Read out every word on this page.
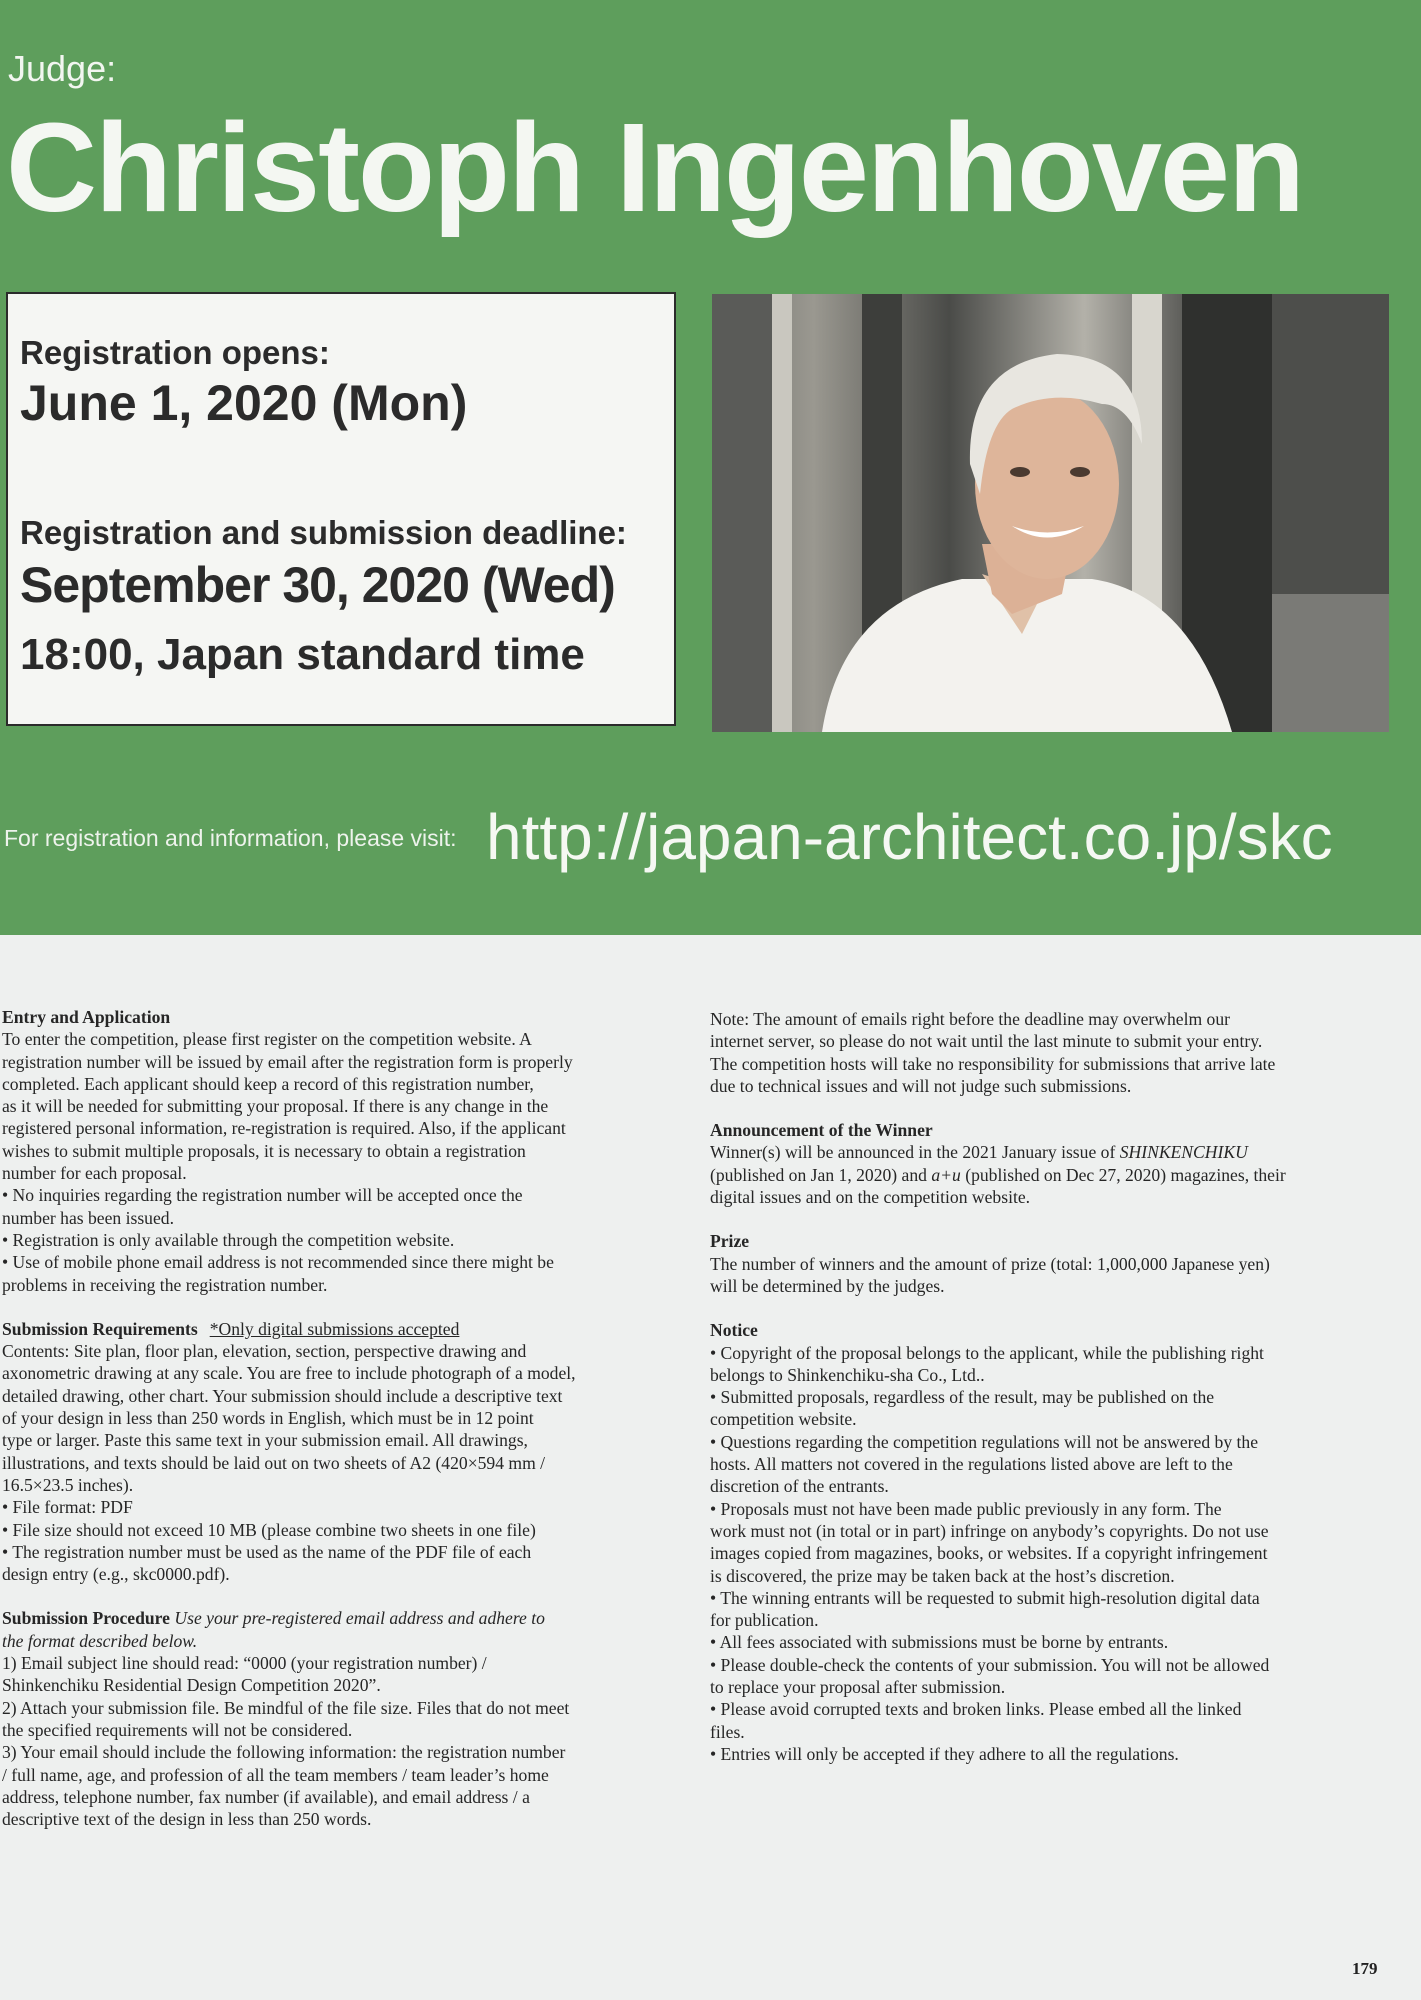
Judge:
Christoph Ingenhoven
Registration opens:
June 1, 2020 (Mon)
Registration and submission deadline:
September 30, 2020 (Wed)
18:00, Japan standard time
For registration and information, please visit: http://japan-architect.co.jp/skc

Entry and Application

To enter the competition, please first register on the competition website. A

registration number will be issued by email after the registration form is properly

completed. Each applicant should keep a record of this registration number,

as it will be needed for submitting your proposal. If there is any change in the

registered personal information, re-registration is required. Also, if the applicant

wishes to submit multiple proposals, it is necessary to obtain a registration

number for each proposal.

• No inquiries regarding the registration number will be accepted once the

number has been issued.

• Registration is only available through the competition website.

• Use of mobile phone email address is not recommended since there might be

problems in receiving the registration number.

Submission Requirements *Only digital submissions accepted

Contents: Site plan, floor plan, elevation, section, perspective drawing and

axonometric drawing at any scale. You are free to include photograph of a model,

detailed drawing, other chart. Your submission should include a descriptive text

of your design in less than 250 words in English, which must be in 12 point

type or larger. Paste this same text in your submission email. All drawings,

illustrations, and texts should be laid out on two sheets of A2 (420×594 mm /

16.5×23.5 inches).

• File format: PDF

• File size should not exceed 10 MB (please combine two sheets in one file)

• The registration number must be used as the name of the PDF file of each

design entry (e.g., skc0000.pdf).

Submission Procedure Use your pre-registered email address and adhere to

the format described below.

1) Email subject line should read: “0000 (your registration number) /

Shinkenchiku Residential Design Competition 2020”.

2) Attach your submission file. Be mindful of the file size. Files that do not meet

the specified requirements will not be considered.

3) Your email should include the following information: the registration number

/ full name, age, and profession of all the team members / team leader’s home

address, telephone number, fax number (if available), and email address / a

descriptive text of the design in less than 250 words.

Note: The amount of emails right before the deadline may overwhelm our

internet server, so please do not wait until the last minute to submit your entry.

The competition hosts will take no responsibility for submissions that arrive late

due to technical issues and will not judge such submissions.

Announcement of the Winner

Winner(s) will be announced in the 2021 January issue of SHINKENCHIKU

(published on Jan 1, 2020) and a+u (published on Dec 27, 2020) magazines, their

digital issues and on the competition website.

Prize

The number of winners and the amount of prize (total: 1,000,000 Japanese yen)

will be determined by the judges.

Notice

• Copyright of the proposal belongs to the applicant, while the publishing right

belongs to Shinkenchiku-sha Co., Ltd..

• Submitted proposals, regardless of the result, may be published on the

competition website.

• Questions regarding the competition regulations will not be answered by the

hosts. All matters not covered in the regulations listed above are left to the

discretion of the entrants.

• Proposals must not have been made public previously in any form. The

work must not (in total or in part) infringe on anybody’s copyrights. Do not use

images copied from magazines, books, or websites. If a copyright infringement

is discovered, the prize may be taken back at the host’s discretion.

• The winning entrants will be requested to submit high-resolution digital data

for publication.

• All fees associated with submissions must be borne by entrants.

• Please double-check the contents of your submission. You will not be allowed

to replace your proposal after submission.

• Please avoid corrupted texts and broken links. Please embed all the linked

files.

• Entries will only be accepted if they adhere to all the regulations.

179
